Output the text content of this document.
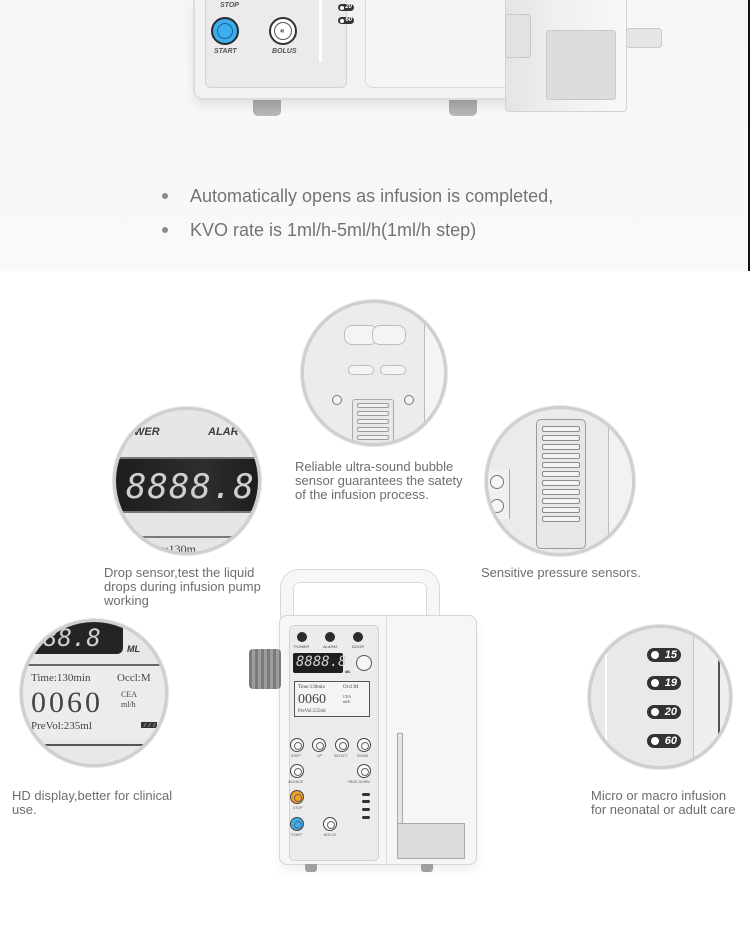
STOP
START
«
BOLUS
20
60
Automatically opens as infusion is completed,
KVO rate is 1ml/h-5ml/h(1ml/h step)
Reliable ultra-sound bubble
sensor guarantees the satety
of the infusion process.
WER	ALAR
8888.8
e:130m
Drop sensor,test the liquid
drops during infusion pump
working
Sensitive pressure sensors.
88.8	ML
Time:130min Occl:M
0060 CEA
ml/h
PreVol:235ml
HD display,better for clinical
use.
15
19
20
60
Micro or macro infusion
for neonatal or adult care
POWER	ALARM	DOOR
8888.8
ML
Time:130min	Occl:M
0060	CEA
ml/h
PreVol:235ml
SHIFT	UP	SELECT	DOWN
SILENCE	PAGE DOWN
STOP
START	BOLUS
